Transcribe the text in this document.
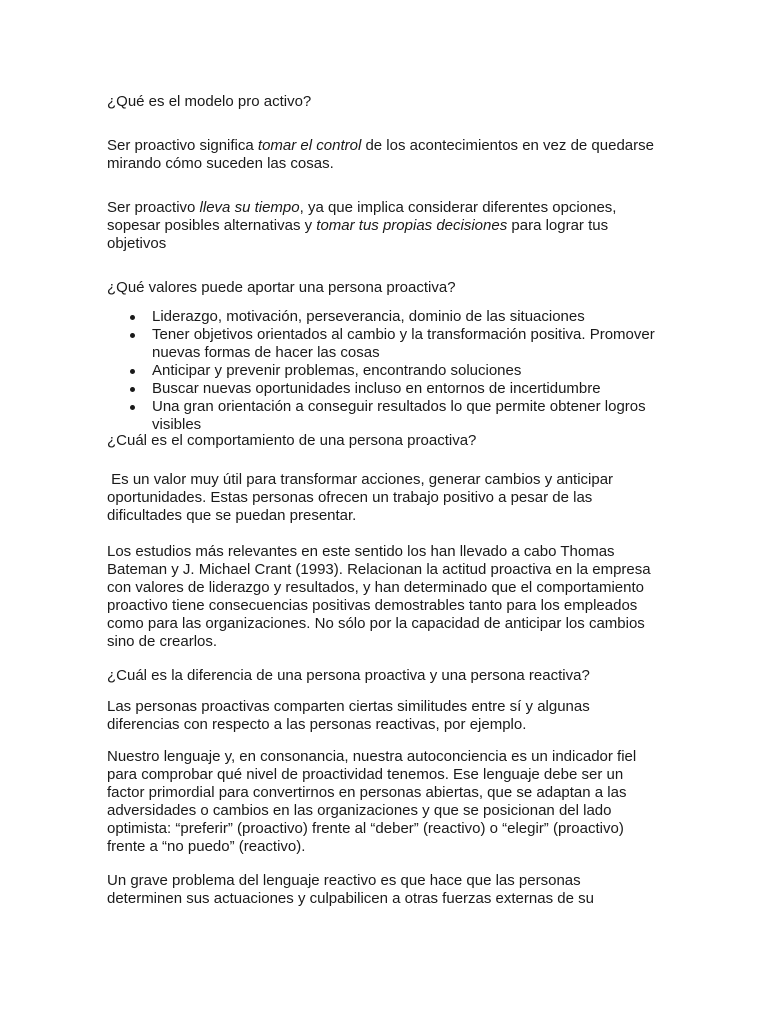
¿Qué es el modelo pro activo?

Ser proactivo significa tomar el control de los acontecimientos en vez de quedarse
mirando cómo suceden las cosas.

Ser proactivo lleva su tiempo, ya que implica considerar diferentes opciones,
sopesar posibles alternativas y tomar tus propias decisiones para lograr tus
objetivos

¿Qué valores puede aportar una persona proactiva?

Liderazgo, motivación, perseverancia, dominio de las situaciones
Tener objetivos orientados al cambio y la transformación positiva. Promover
nuevas formas de hacer las cosas
Anticipar y prevenir problemas, encontrando soluciones
Buscar nuevas oportunidades incluso en entornos de incertidumbre
Una gran orientación a conseguir resultados lo que permite obtener logros
visibles

¿Cuál es el comportamiento de una persona proactiva?

Es un valor muy útil para transformar acciones, generar cambios y anticipar
oportunidades. Estas personas ofrecen un trabajo positivo a pesar de las
dificultades que se puedan presentar.

Los estudios más relevantes en este sentido los han llevado a cabo Thomas
Bateman y J. Michael Crant (1993). Relacionan la actitud proactiva en la empresa
con valores de liderazgo y resultados, y han determinado que el comportamiento
proactivo tiene consecuencias positivas demostrables tanto para los empleados
como para las organizaciones. No sólo por la capacidad de anticipar los cambios
sino de crearlos.

¿Cuál es la diferencia de una persona proactiva y una persona reactiva?

Las personas proactivas comparten ciertas similitudes entre sí y algunas
diferencias con respecto a las personas reactivas, por ejemplo.

Nuestro lenguaje y, en consonancia, nuestra autoconciencia es un indicador fiel
para comprobar qué nivel de proactividad tenemos. Ese lenguaje debe ser un
factor primordial para convertirnos en personas abiertas, que se adaptan a las
adversidades o cambios en las organizaciones y que se posicionan del lado
optimista: “preferir” (proactivo) frente al “deber” (reactivo) o “elegir” (proactivo)
frente a “no puedo” (reactivo).

Un grave problema del lenguaje reactivo es que hace que las personas
determinen sus actuaciones y culpabilicen a otras fuerzas externas de su
